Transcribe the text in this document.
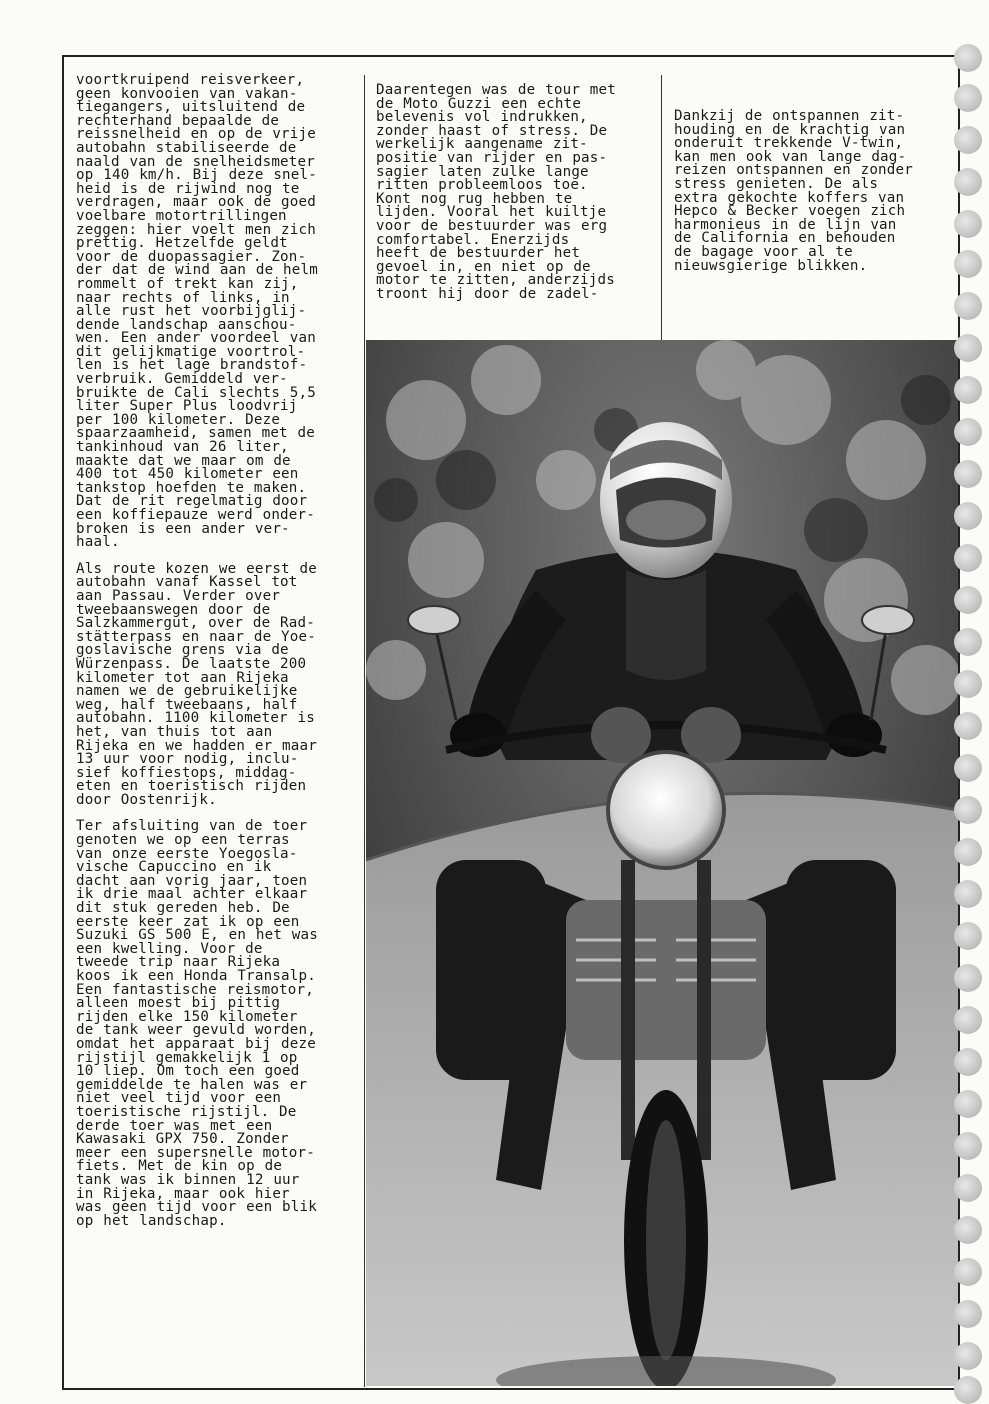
voortkruipend reisverkeer,
geen konvooien van vakan-
tiegangers, uitsluitend de
rechterhand bepaalde de
reissnelheid en op de vrije
autobahn stabiliseerde de
naald van de snelheidsmeter
op 140 km/h. Bij deze snel-
heid is de rijwind nog te
verdragen, maar ook de goed
voelbare motortrillingen
zeggen: hier voelt men zich
prettig. Hetzelfde geldt
voor de duopassagier. Zon-
der dat de wind aan de helm
rommelt of trekt kan zij,
naar rechts of links, in
alle rust het voorbijglij-
dende landschap aanschou-
wen. Een ander voordeel van
dit gelijkmatige voortrol-
len is het lage brandstof-
verbruik. Gemiddeld ver-
bruikte de Cali slechts 5,5
liter Super Plus loodvrij
per 100 kilometer. Deze
spaarzaamheid, samen met de
tankinhoud van 26 liter,
maakte dat we maar om de
400 tot 450 kilometer een
tankstop hoefden te maken.
Dat de rit regelmatig door
een koffiepauze werd onder-
broken is een ander ver-
haal.

Als route kozen we eerst de
autobahn vanaf Kassel tot
aan Passau. Verder over
tweebaanswegen door de
Salzkammergut, over de Rad-
stätterpass en naar de Yoe-
goslavische grens via de
Würzenpass. De laatste 200
kilometer tot aan Rijeka
namen we de gebruikelijke
weg, half tweebaans, half
autobahn. 1100 kilometer is
het, van thuis tot aan
Rijeka en we hadden er maar
13 uur voor nodig, inclu-
sief koffiestops, middag-
eten en toeristisch rijden
door Oostenrijk.

Ter afsluiting van de toer
genoten we op een terras
van onze eerste Yoegosla-
vische Capuccino en ik
dacht aan vorig jaar, toen
ik drie maal achter elkaar
dit stuk gereden heb. De
eerste keer zat ik op een
Suzuki GS 500 E, en het was
een kwelling. Voor de
tweede trip naar Rijeka
koos ik een Honda Transalp.
Een fantastische reismotor,
alleen moest bij pittig
rijden elke 150 kilometer
de tank weer gevuld worden,
omdat het apparaat bij deze
rijstijl gemakkelijk 1 op
10 liep. Om toch een goed
gemiddelde te halen was er
niet veel tijd voor een
toeristische rijstijl. De
derde toer was met een
Kawasaki GPX 750. Zonder
meer een supersnelle motor-
fiets. Met de kin op de
tank was ik binnen 12 uur
in Rijeka, maar ook hier
was geen tijd voor een blik
op het landschap.

Daarentegen was de tour met
de Moto Guzzi een echte
belevenis vol indrukken,
zonder haast of stress. De
werkelijk aangename zit-
positie van rijder en pas-
sagier laten zulke lange
ritten probleemloos toe.
Kont nog rug hebben te
lijden. Vooral het kuiltje
voor de bestuurder was erg
comfortabel. Enerzijds
heeft de bestuurder het
gevoel in, en niet op de
motor te zitten, anderzijds
troont hij door de zadel-

Dankzij de ontspannen zit-
houding en de krachtig van
onderuit trekkende V-twin,
kan men ook van lange dag-
reizen ontspannen en zonder
stress genieten. De als
extra gekochte koffers van
Hepco & Becker voegen zich
harmonieus in de lijn van
de California en behouden
de bagage voor al te
nieuwsgierige blikken.
